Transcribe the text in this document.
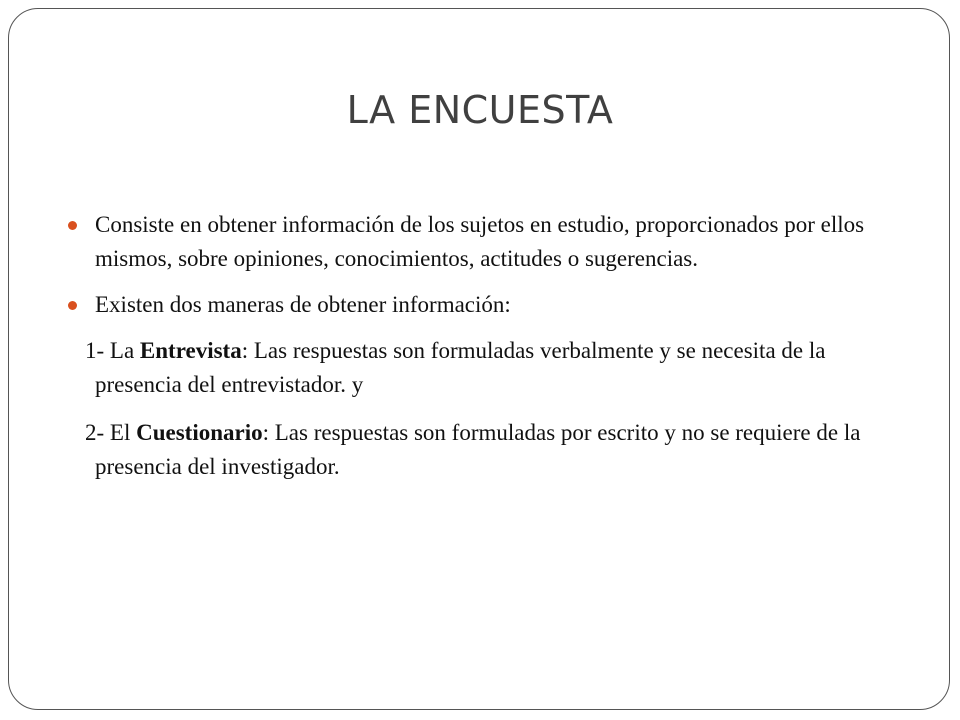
LA ENCUESTA
Consiste en obtener información de los sujetos en estudio, proporcionados por ellos mismos, sobre opiniones, conocimientos, actitudes o sugerencias.
Existen dos maneras de obtener información:
1- La Entrevista: Las respuestas son formuladas verbalmente y se necesita de la presencia del entrevistador. y
2- El Cuestionario: Las respuestas son formuladas por escrito y no se requiere de la presencia del investigador.
